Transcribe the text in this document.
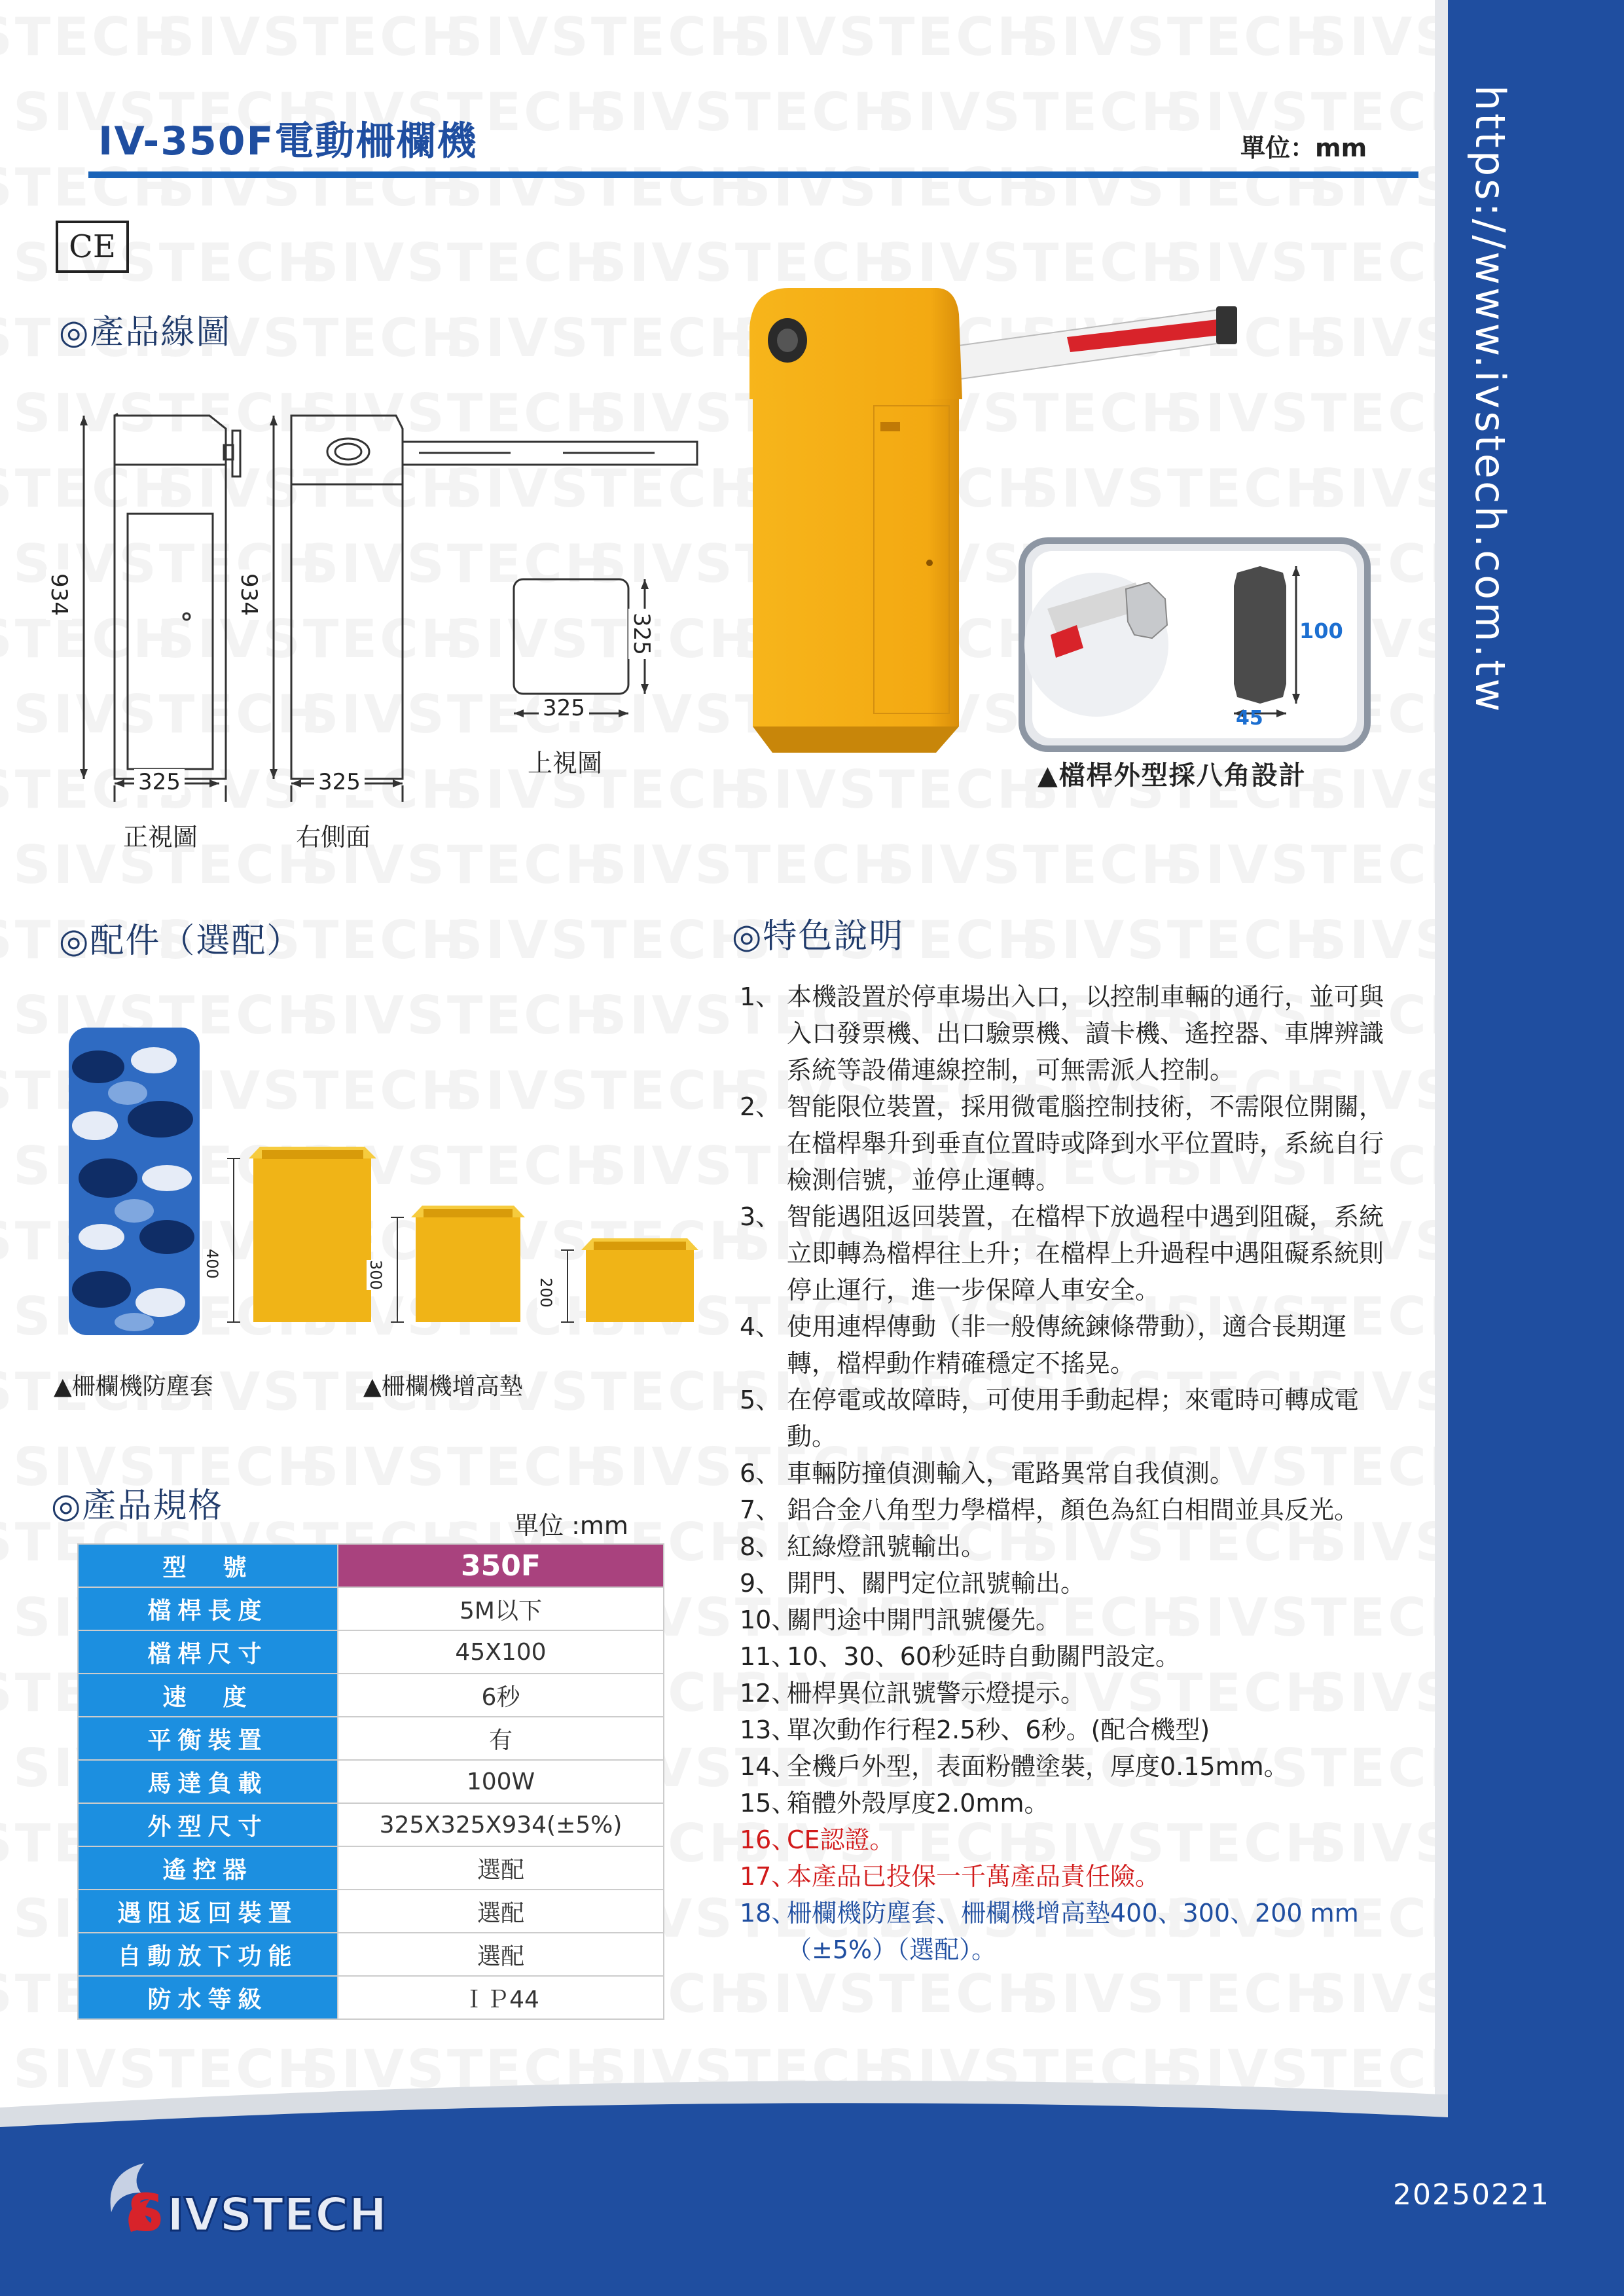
https://www.ivstech.com.tw
IV-350F電動柵欄機	單位：mm
CE
◎產品線圖
934	934
325	325
325
325
正視圖	右側面
上視圖
100
45
▲檔桿外型採八角設計
◎配件（選配）
400	300
200
▲柵欄機防塵套	▲柵欄機增高墊
◎特色說明
1、 本機設置於停車場出入口，以控制車輛的通行，並可與入口發票機、出口驗票機、讀卡機、遙控器、車牌辨識系統等設備連線控制，可無需派人控制。
2、 智能限位裝置，採用微電腦控制技術，不需限位開關，在檔桿舉升到垂直位置時或降到水平位置時，系統自行檢測信號，並停止運轉。
3、 智能遇阻返回裝置，在檔桿下放過程中遇到阻礙，系統立即轉為檔桿往上升；在檔桿上升過程中遇阻礙系統則停止運行，進一步保障人車安全。
4、 使用連桿傳動（非一般傳統鍊條帶動），適合長期運轉，檔桿動作精確穩定不搖晃。
5、 在停電或故障時，可使用手動起桿；來電時可轉成電動。
6、 車輛防撞偵測輸入，電路異常自我偵測。
7、 鋁合金八角型力學檔桿，顏色為紅白相間並具反光。
8、 紅綠燈訊號輸出。
9、 開門、關門定位訊號輸出。
10、
關門途中開門訊號優先。
11、
10、30、60秒延時自動關門設定。
12、
柵桿異位訊號警示燈提示。
13、
單次動作行程2.5秒、6秒。(配合機型)
14、
全機戶外型，表面粉體塗裝，厚度0.15mm。
15、
箱體外殼厚度2.0mm。
16、
CE認證。
17、
本產品已投保一千萬產品責任險。
18、
柵欄機防塵套、柵欄機增高墊400、300、200 mm（±5%）（選配）。
◎產品規格	單位 :mm
型　號	350F
檔桿長度	5M以下
檔桿尺寸	45X100
速　度	6秒
平衡裝置	有
馬達負載	100W
外型尺寸	325X325X934(±5%)
遙控器	選配
遇阻返回裝置	選配
自動放下功能	選配
防水等級	ＩＰ44
S IVSTECH	20250221
